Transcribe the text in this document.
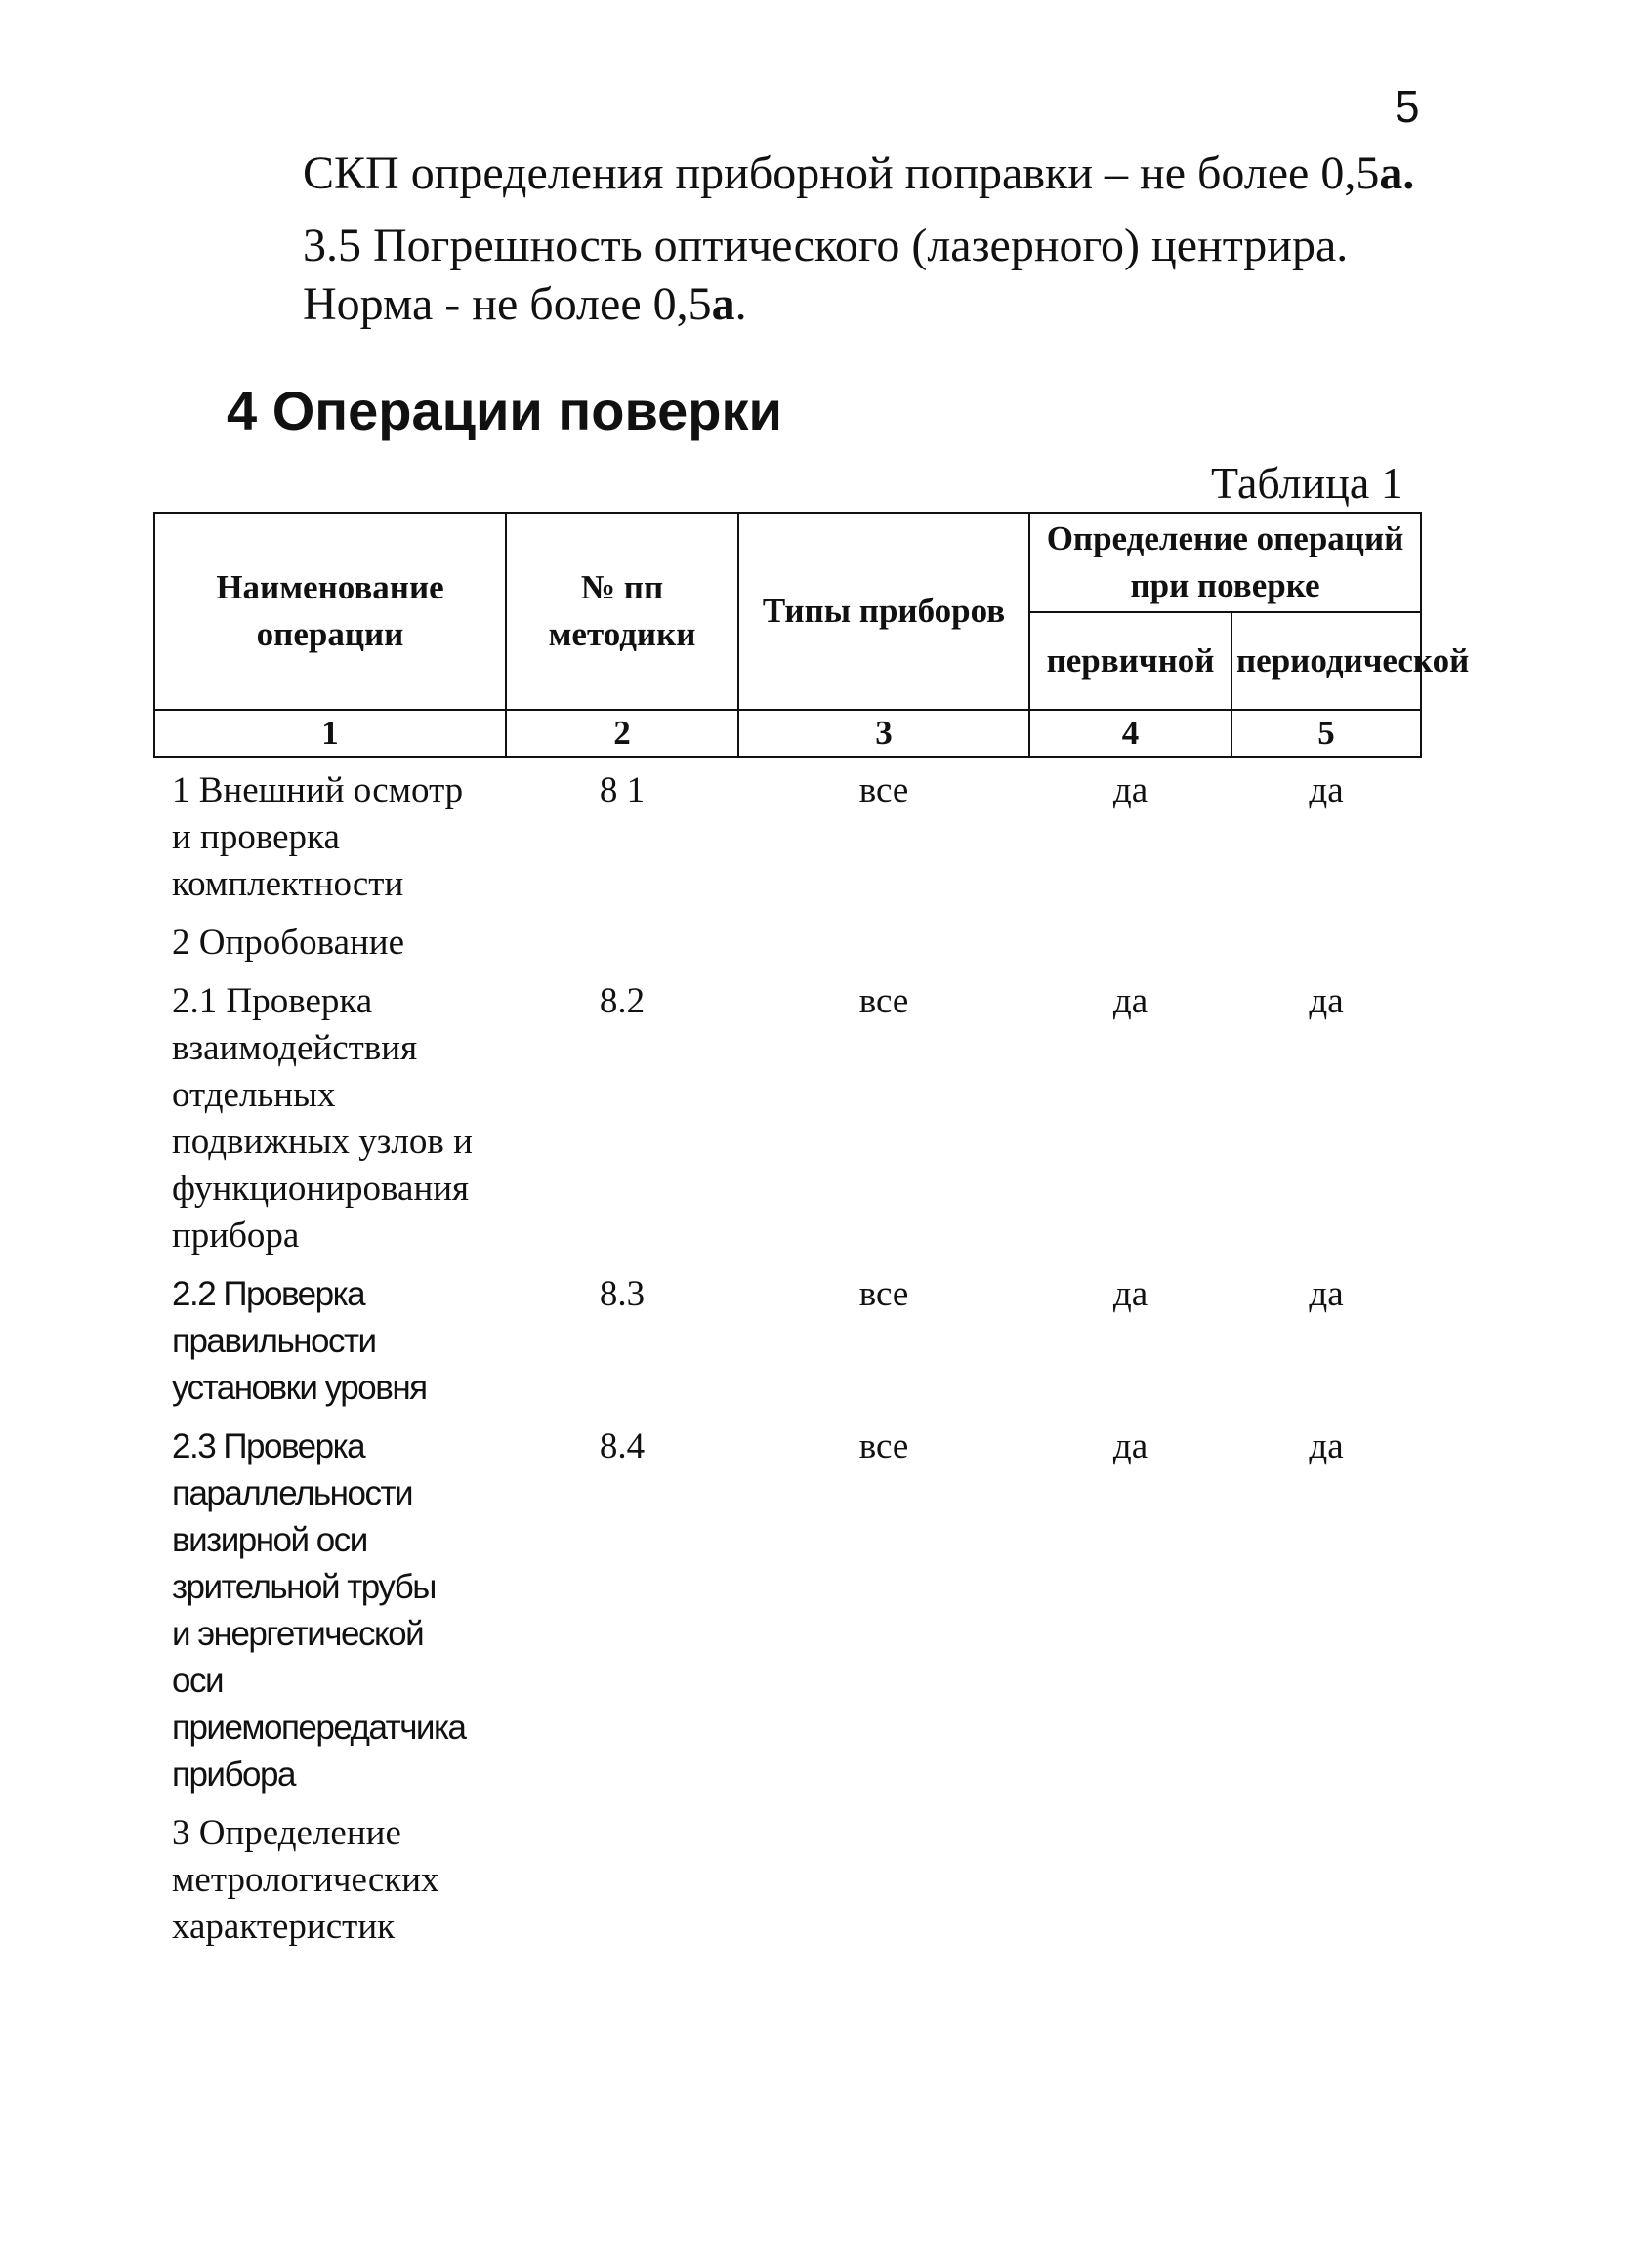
5
СКП определения приборной поправки – не более 0,5a.
3.5 Погрешность оптического (лазерного) центрира.
Норма - не более 0,5a.
4 Операции поверки
Таблица 1
Наименование операции	№ пп методики	Типы приборов	Определение операций при поверке	
			первичной	периодической
1	2	3	4	5

1 Внешний осмотр и проверка комплектности	8 1	все	да	да

2 Опробование				

2.1 Проверка взаимодействия отдельных подвижных узлов и функционирования прибора	8.2	все	да	да

2.2 Проверка правильности установки уровня	8.3	все	да	да

2.3 Проверка параллельности визирной оси зрительной трубы и энергетической оси приемопередатчика прибора	8.4	все	да	да

3 Определение метрологических характеристик				
